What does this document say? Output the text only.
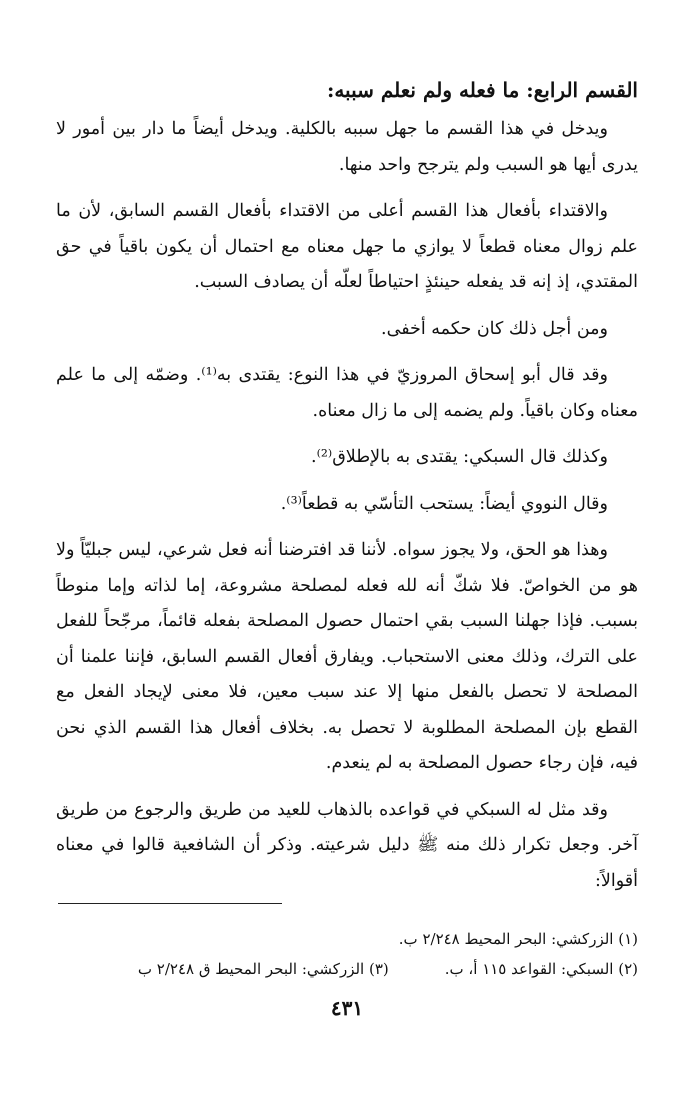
القسم الرابع: ما فعله ولم نعلم سببه:

ويدخل في هذا القسم ما جهل سببه بالكلية. ويدخل أيضاً ما دار بين أمور لا يدرى أيها هو السبب ولم يترجح واحد منها.

والاقتداء بأفعال هذا القسم أعلى من الاقتداء بأفعال القسم السابق، لأن ما علم زوال معناه قطعاً لا يوازي ما جهل معناه مع احتمال أن يكون باقياً في حق المقتدي، إذ إنه قد يفعله حينئذٍ احتياطاً لعلّه أن يصادف السبب.

ومن أجل ذلك كان حكمه أخفى.

وقد قال أبو إسحاق المروزيّ في هذا النوع: يقتدى به⁽¹⁾. وضمّه إلى ما علم معناه وكان باقياً. ولم يضمه إلى ما زال معناه.

وكذلك قال السبكي: يقتدى به بالإطلاق⁽²⁾.

وقال النووي أيضاً: يستحب التأسّي به قطعاً⁽³⁾.

وهذا هو الحق، ولا يجوز سواه. لأننا قد افترضنا أنه فعل شرعي، ليس جبليّاً ولا هو من الخواصّ. فلا شكّ أنه لله فعله لمصلحة مشروعة، إما لذاته وإما منوطاً بسبب. فإذا جهلنا السبب بقي احتمال حصول المصلحة بفعله قائماً، مرجّحاً للفعل على الترك، وذلك معنى الاستحباب. ويفارق أفعال القسم السابق، فإننا علمنا أن المصلحة لا تحصل بالفعل منها إلا عند سبب معين، فلا معنى لإيجاد الفعل مع القطع بإن المصلحة المطلوبة لا تحصل به. بخلاف أفعال هذا القسم الذي نحن فيه، فإن رجاء حصول المصلحة به لم ينعدم.

وقد مثل له السبكي في قواعده بالذهاب للعيد من طريق والرجوع من طريق آخر. وجعل تكرار ذلك منه ﷺ دليل شرعيته. وذكر أن الشافعية قالوا في معناه أقوالاً:

(١) الزركشي: البحر المحيط ٢/٢٤٨ ب.
(٢) السبكي: القواعد ١١٥ أ، ب.
(٣) الزركشي: البحر المحيط ق ٢/٢٤٨ ب
٤٣١
